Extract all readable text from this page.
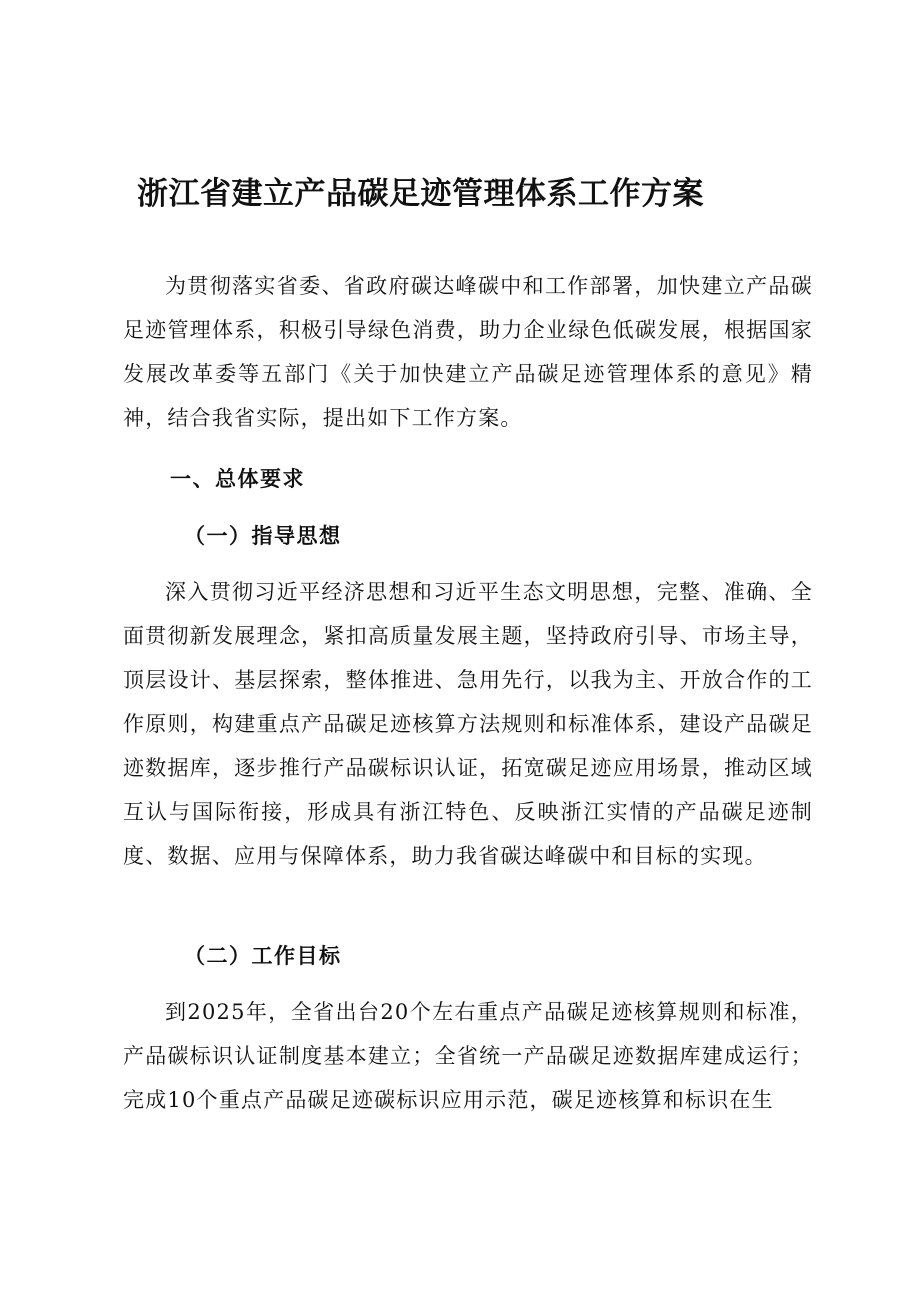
浙江省建立产品碳足迹管理体系工作方案

为贯彻落实省委、省政府碳达峰碳中和工作部署，加快建立产品碳足迹管理体系，积极引导绿色消费，助力企业绿色低碳发展，根据国家发展改革委等五部门《关于加快建立产品碳足迹管理体系的意见》精神，结合我省实际，提出如下工作方案。

一、总体要求
（一）指导思想

深入贯彻习近平经济思想和习近平生态文明思想，完整、准确、全面贯彻新发展理念，紧扣高质量发展主题，坚持政府引导、市场主导，顶层设计、基层探索，整体推进、急用先行，以我为主、开放合作的工作原则，构建重点产品碳足迹核算方法规则和标准体系，建设产品碳足迹数据库，逐步推行产品碳标识认证，拓宽碳足迹应用场景，推动区域互认与国际衔接，形成具有浙江特色、反映浙江实情的产品碳足迹制度、数据、应用与保障体系，助力我省碳达峰碳中和目标的实现。

（二）工作目标

到2025年，全省出台20个左右重点产品碳足迹核算规则和标准，产品碳标识认证制度基本建立；全省统一产品碳足迹数据库建成运行；完成10个重点产品碳足迹碳标识应用示范，碳足迹核算和标识在生
